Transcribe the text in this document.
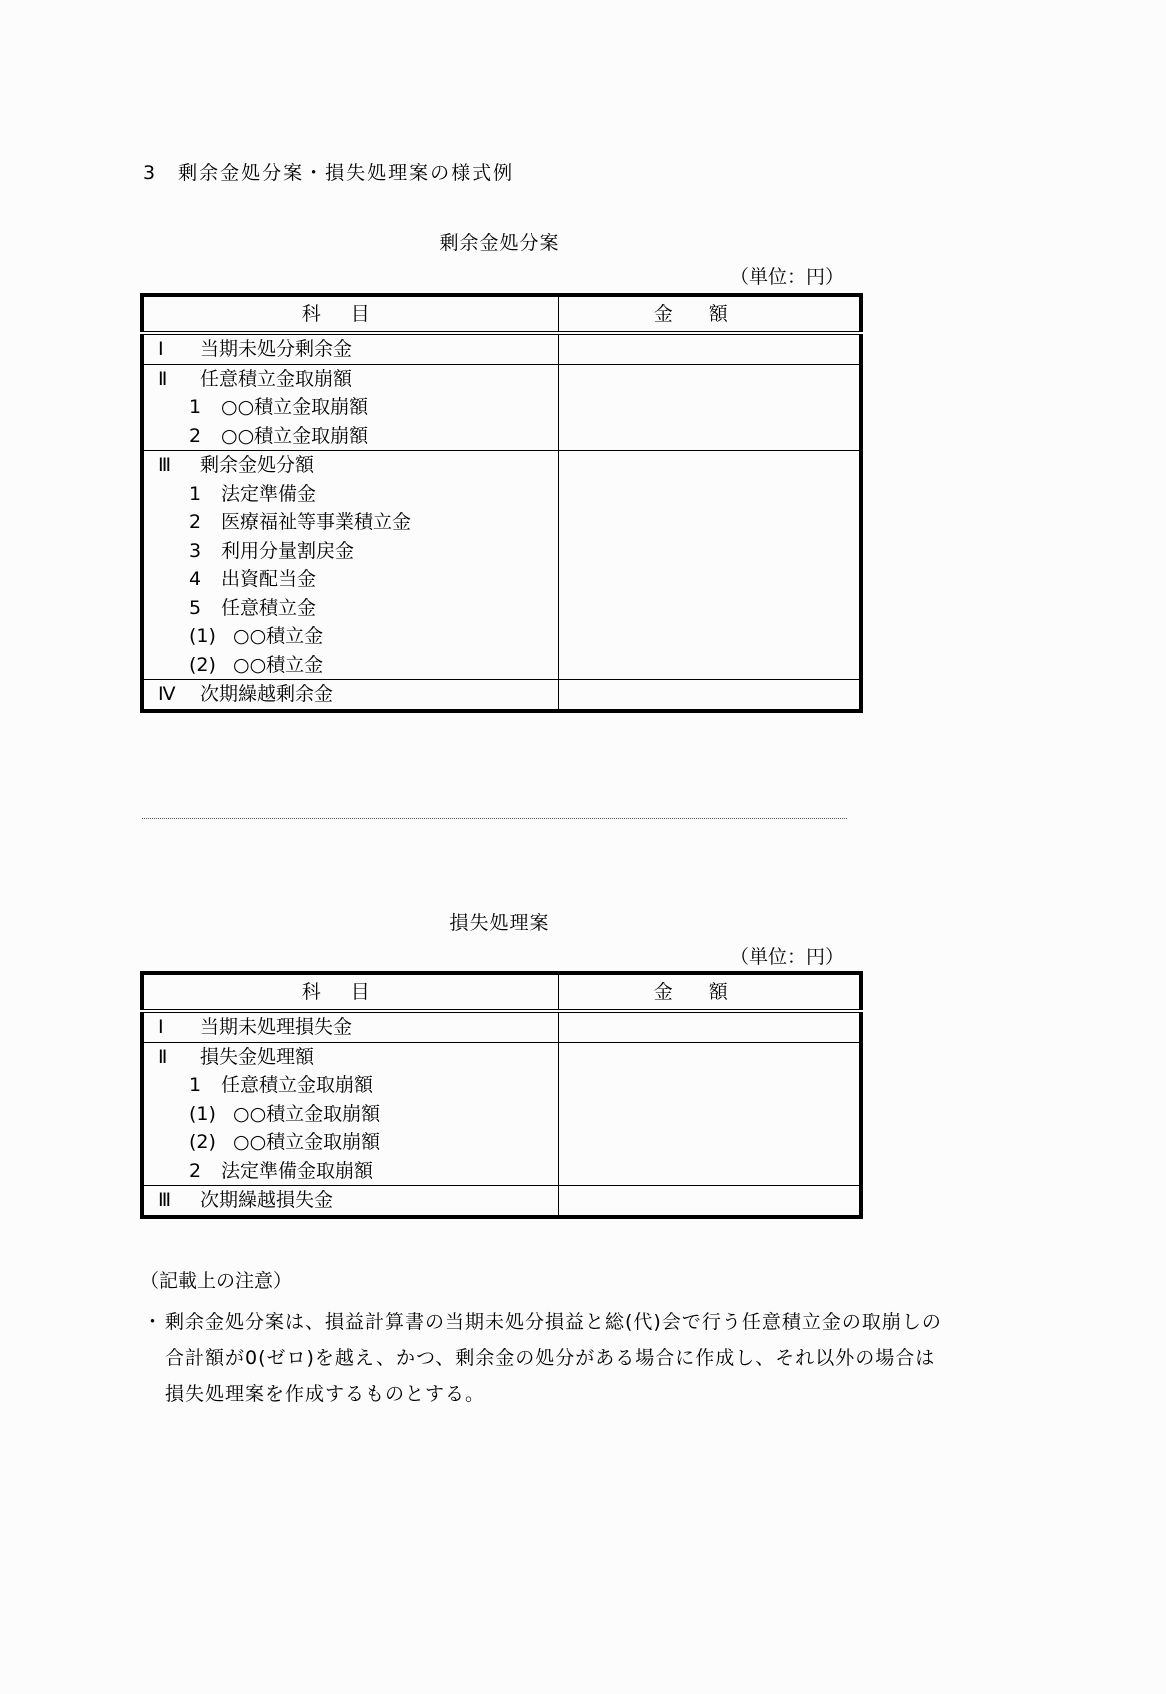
3　剰余金処分案・損失処理案の様式例
剰余金処分案
（単位：円）
科目	金額

Ⅰ 当期未処分剰余金	

Ⅱ 任意積立金取崩額
1 ○○積立金取崩額
2 ○○積立金取崩額	

Ⅲ 剰余金処分額
1 法定準備金
2 医療福祉等事業積立金
3 利用分量割戻金
4 出資配当金
5 任意積立金
(1) ○○積立金
(2) ○○積立金

Ⅳ 次期繰越剰余金	

損失処理案
（単位：円）
科目	金額

Ⅰ 当期未処理損失金	

Ⅱ 損失金処理額
1 任意積立金取崩額
(1) ○○積立金取崩額
(2) ○○積立金取崩額
2 法定準備金取崩額	

Ⅲ 次期繰越損失金	

（記載上の注意）
・ 剰余金処分案は、損益計算書の当期未処分損益と総(代)会で行う任意積立金の取崩しの
合計額が0(ゼロ)を越え、かつ、剰余金の処分がある場合に作成し、それ以外の場合は
損失処理案を作成するものとする。
